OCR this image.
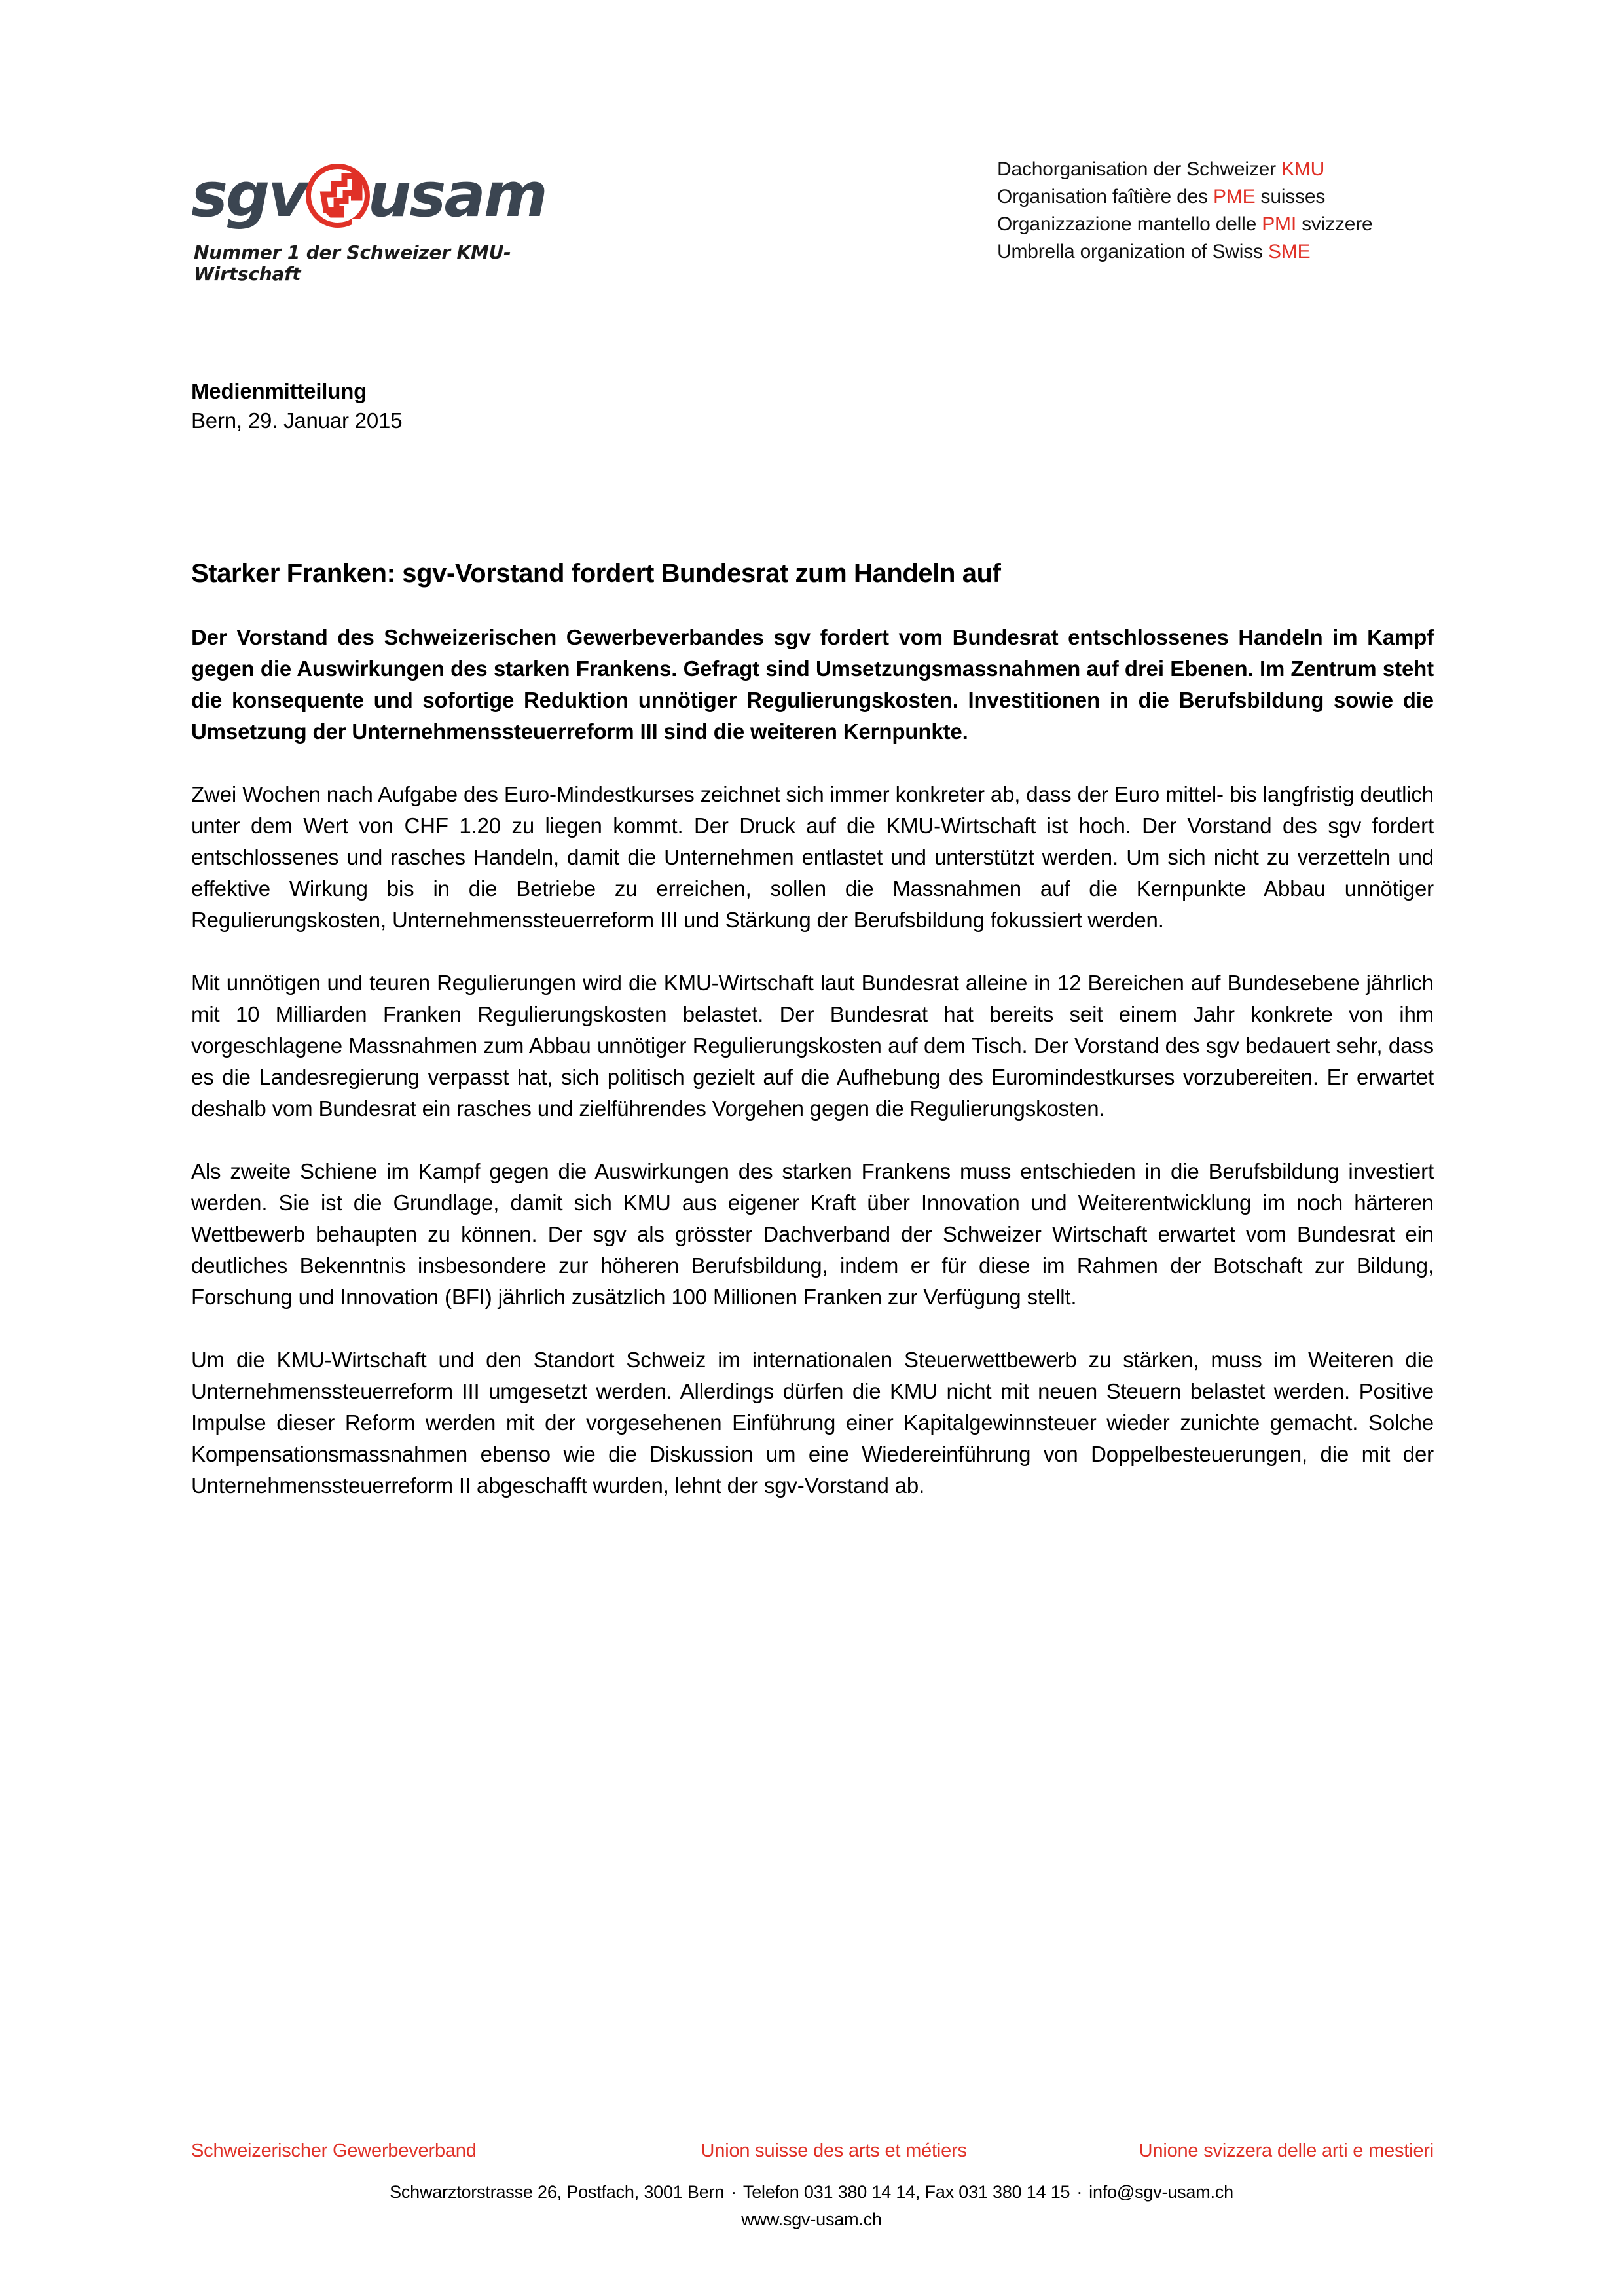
sgv usam
Nummer 1 der Schweizer KMU-Wirtschaft
Dachorganisation der Schweizer KMU
Organisation faîtière des PME suisses
Organizzazione mantello delle PMI svizzere
Umbrella organization of Swiss SME
Medienmitteilung
Bern, 29. Januar 2015
Starker Franken: sgv-Vorstand fordert Bundesrat zum Handeln auf

Der Vorstand des Schweizerischen Gewerbeverbandes sgv fordert vom Bundesrat entschlossenes Handeln im Kampf gegen die Auswirkungen des starken Frankens. Gefragt sind Umsetzungsmassnahmen auf drei Ebenen. Im Zentrum steht die konsequente und sofortige Reduktion unnötiger Regulierungskosten. Investitionen in die Berufsbildung sowie die Umsetzung der Unternehmenssteuerreform III sind die weiteren Kernpunkte.

Zwei Wochen nach Aufgabe des Euro-Mindestkurses zeichnet sich immer konkreter ab, dass der Euro mittel- bis langfristig deutlich unter dem Wert von CHF 1.20 zu liegen kommt. Der Druck auf die KMU-Wirtschaft ist hoch. Der Vorstand des sgv fordert entschlossenes und rasches Handeln, damit die Unternehmen entlastet und unterstützt werden. Um sich nicht zu verzetteln und effektive Wirkung bis in die Betriebe zu erreichen, sollen die Massnahmen auf die Kernpunkte Abbau unnötiger Regulierungskosten, Unternehmenssteuerreform III und Stärkung der Berufsbildung fokussiert werden.

Mit unnötigen und teuren Regulierungen wird die KMU-Wirtschaft laut Bundesrat alleine in 12 Bereichen auf Bundesebene jährlich mit 10 Milliarden Franken Regulierungskosten belastet. Der Bundesrat hat bereits seit einem Jahr konkrete von ihm vorgeschlagene Massnahmen zum Abbau unnötiger Regulierungskosten auf dem Tisch. Der Vorstand des sgv bedauert sehr, dass es die Landesregierung verpasst hat, sich politisch gezielt auf die Aufhebung des Euromindestkurses vorzubereiten. Er erwartet deshalb vom Bundesrat ein rasches und zielführendes Vorgehen gegen die Regulierungskosten.

Als zweite Schiene im Kampf gegen die Auswirkungen des starken Frankens muss entschieden in die Berufsbildung investiert werden. Sie ist die Grundlage, damit sich KMU aus eigener Kraft über Innovation und Weiterentwicklung im noch härteren Wettbewerb behaupten zu können. Der sgv als grösster Dachverband der Schweizer Wirtschaft erwartet vom Bundesrat ein deutliches Bekenntnis insbesondere zur höheren Berufsbildung, indem er für diese im Rahmen der Botschaft zur Bildung, Forschung und Innovation (BFI) jährlich zusätzlich 100 Millionen Franken zur Verfügung stellt.

Um die KMU-Wirtschaft und den Standort Schweiz im internationalen Steuerwettbewerb zu stärken, muss im Weiteren die Unternehmenssteuerreform III umgesetzt werden. Allerdings dürfen die KMU nicht mit neuen Steuern belastet werden. Positive Impulse dieser Reform werden mit der vorgesehenen Einführung einer Kapitalgewinnsteuer wieder zunichte gemacht. Solche Kompensationsmassnahmen ebenso wie die Diskussion um eine Wiedereinführung von Doppelbesteuerungen, die mit der Unternehmenssteuerreform II abgeschafft wurden, lehnt der sgv-Vorstand ab.

Schweizerischer Gewerbeverband	Union suisse des arts et métiers	Unione svizzera delle arti e mestieri
Schwarztorstrasse 26, Postfach, 3001 Bern · Telefon 031 380 14 14, Fax 031 380 14 15 · info@sgv-usam.ch
www.sgv-usam.ch
